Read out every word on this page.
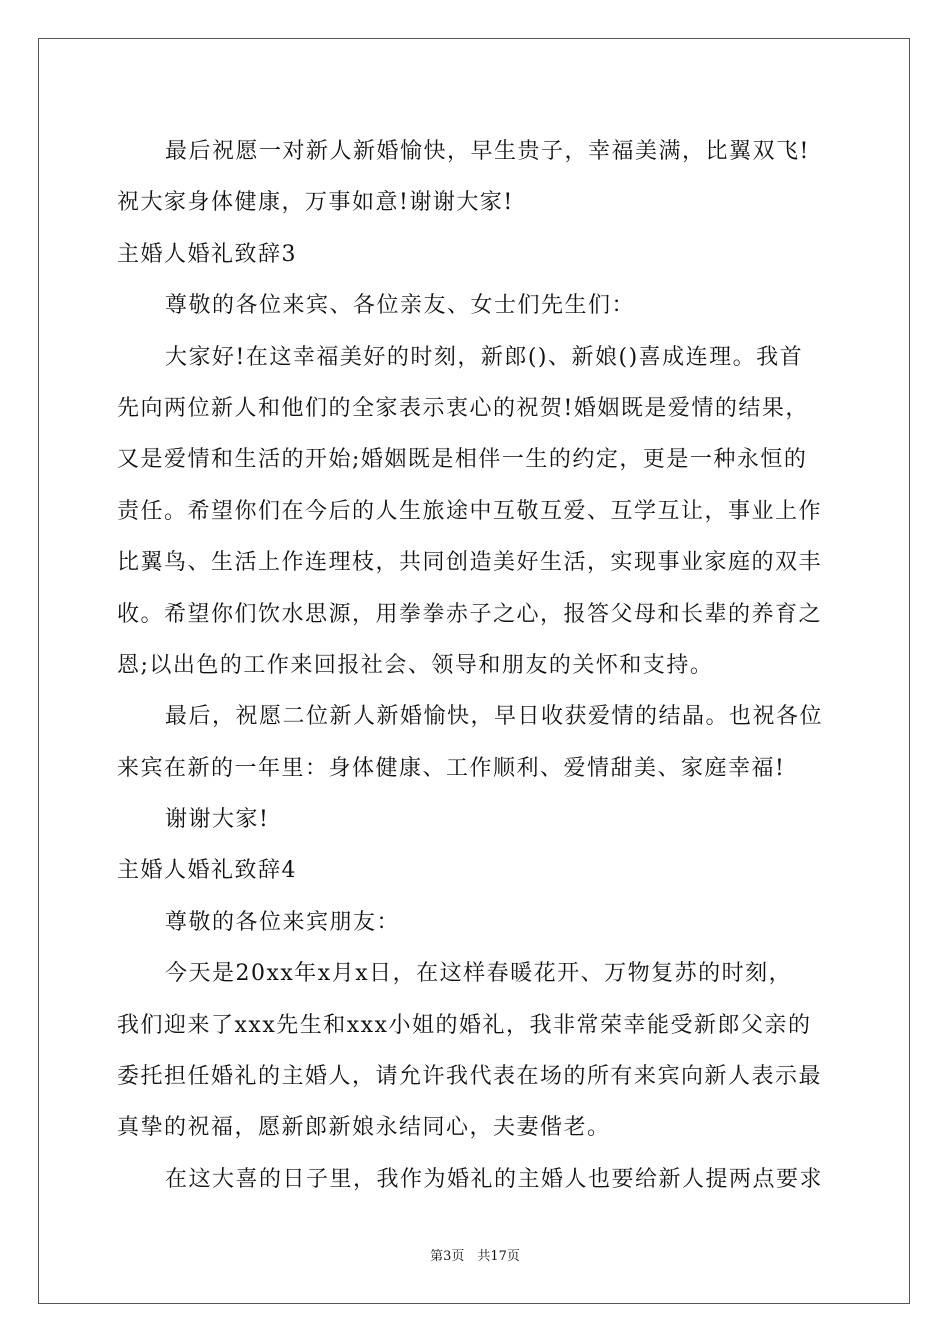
最后祝愿一对新人新婚愉快，早生贵子，幸福美满，比翼双飞!
祝大家身体健康，万事如意!谢谢大家!
主婚人婚礼致辞3
尊敬的各位来宾、各位亲友、女士们先生们：
大家好!在这幸福美好的时刻，新郎()、新娘()喜成连理。我首
先向两位新人和他们的全家表示衷心的祝贺!婚姻既是爱情的结果，
又是爱情和生活的开始;婚姻既是相伴一生的约定，更是一种永恒的
责任。希望你们在今后的人生旅途中互敬互爱、互学互让，事业上作
比翼鸟、生活上作连理枝，共同创造美好生活，实现事业家庭的双丰
收。希望你们饮水思源，用拳拳赤子之心，报答父母和长辈的养育之
恩;以出色的工作来回报社会、领导和朋友的关怀和支持。
最后，祝愿二位新人新婚愉快，早日收获爱情的结晶。也祝各位
来宾在新的一年里：身体健康、工作顺利、爱情甜美、家庭幸福!
谢谢大家!
主婚人婚礼致辞4
尊敬的各位来宾朋友：
今天是20xx年x月x日，在这样春暖花开、万物复苏的时刻，
我们迎来了xxx先生和xxx小姐的婚礼，我非常荣幸能受新郎父亲的
委托担任婚礼的主婚人，请允许我代表在场的所有来宾向新人表示最
真挚的祝福，愿新郎新娘永结同心，夫妻偕老。
在这大喜的日子里，我作为婚礼的主婚人也要给新人提两点要求
第3页　共17页
